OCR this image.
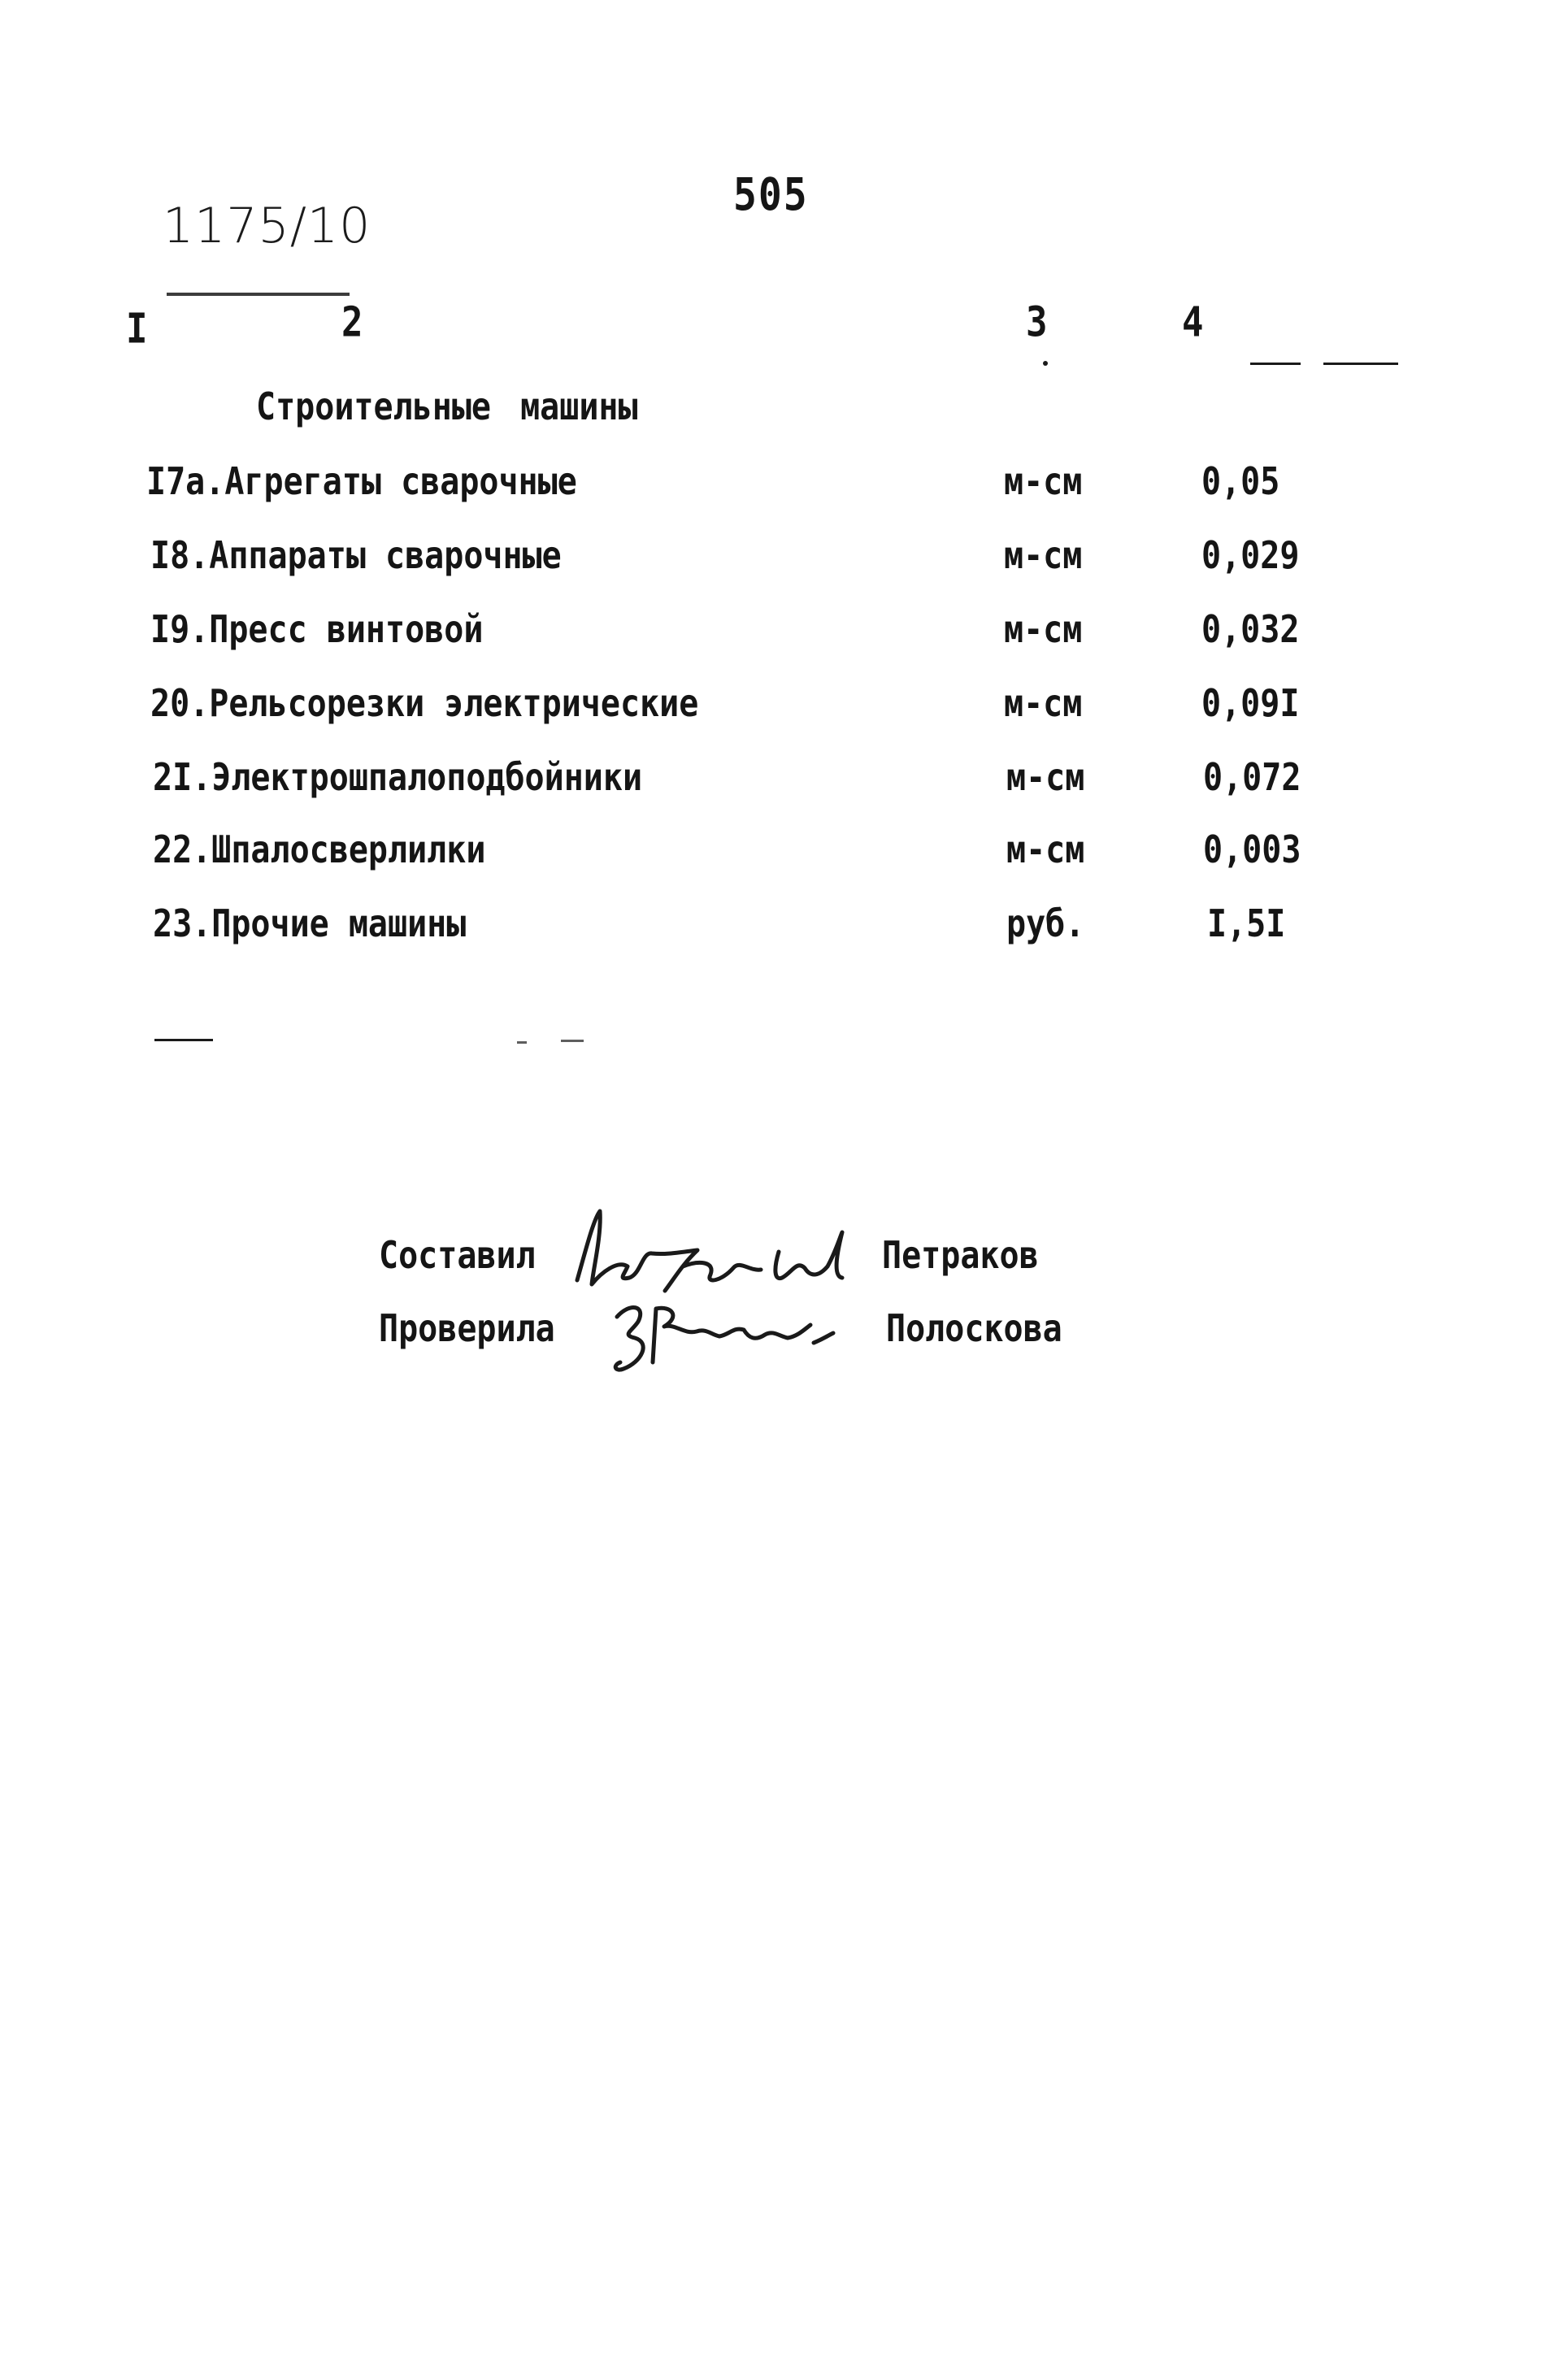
1175/10
505
I	2	3	4
Строительные машины
I7a.Агрегаты сварочные	м-см	0,05
I8.Аппараты сварочные	м-см	0,029
I9.Пресс винтовой	м-см	0,032
20.Рельсорезки электрические	м-см	0,09I
2I.Электрошпалоподбойники	м-см	0,072
22.Шпалосверлилки	м-см	0,003
23.Прочие машины	руб.	I,5I
Составил	Петраков
Проверила	Полоскова
